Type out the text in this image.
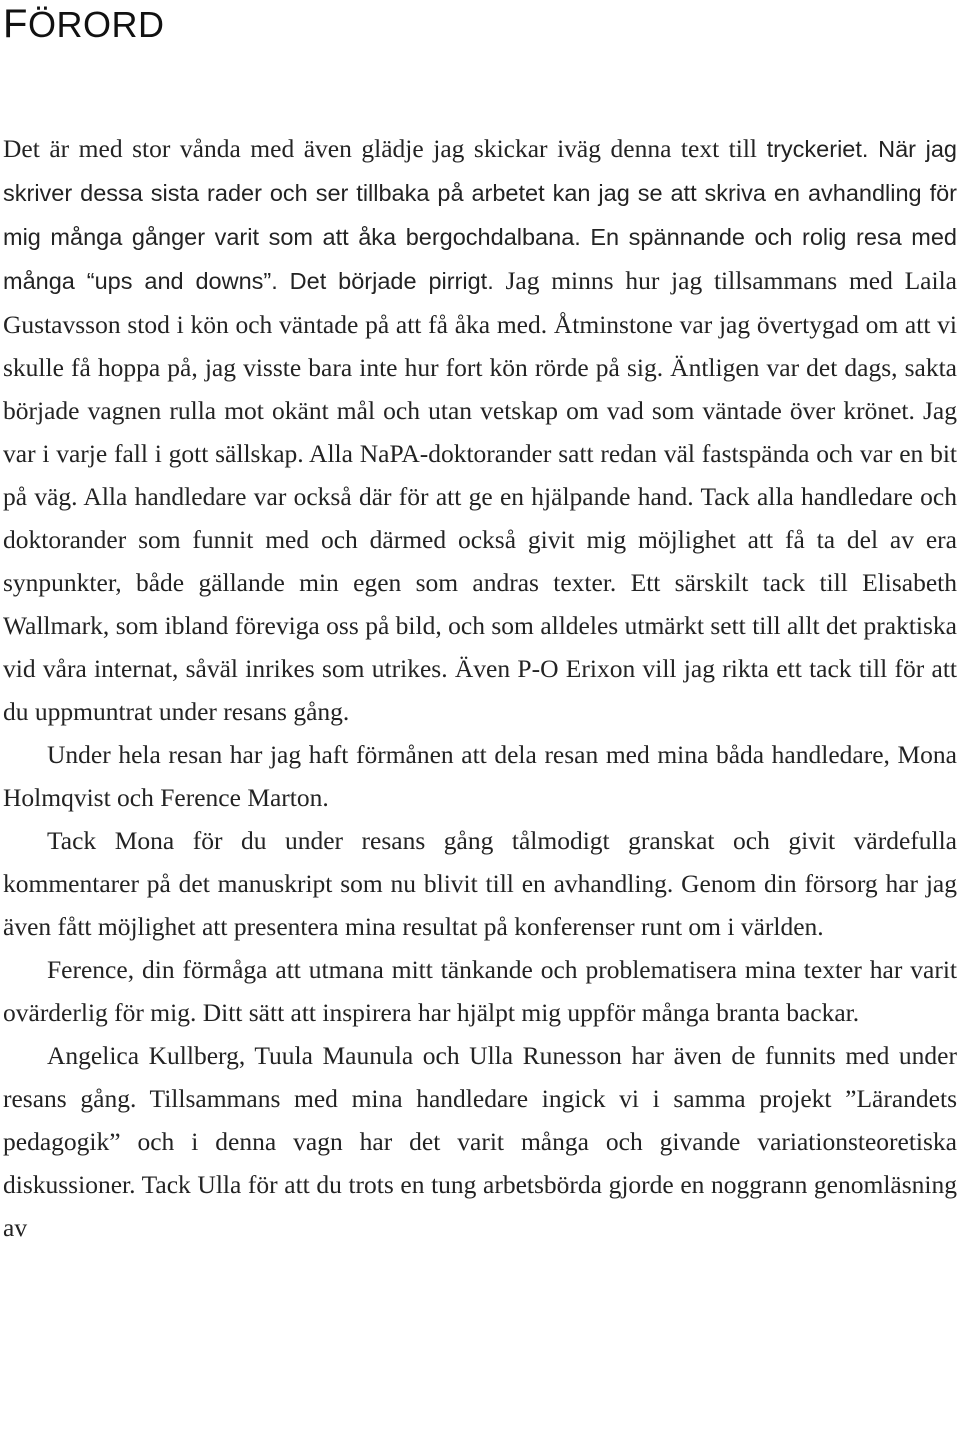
FÖRORD

Det är med stor vånda med även glädje jag skickar iväg denna text till tryckeriet. När jag skriver dessa sista rader och ser tillbaka på arbetet kan jag se att skriva en avhandling för mig många gånger varit som att åka bergochdalbana. En spännande och rolig resa med många “ups and downs”. Det började pirrigt. Jag minns hur jag tillsammans med Laila Gustavsson stod i kön och väntade på att få åka med. Åtminstone var jag övertygad om att vi skulle få hoppa på, jag visste bara inte hur fort kön rörde på sig. Äntligen var det dags, sakta började vagnen rulla mot okänt mål och utan vetskap om vad som väntade över krönet. Jag var i varje fall i gott sällskap. Alla NaPA-doktorander satt redan väl fastspända och var en bit på väg. Alla handledare var också där för att ge en hjälpande hand. Tack alla handledare och doktorander som funnit med och därmed också givit mig möjlighet att få ta del av era synpunkter, både gällande min egen som andras texter. Ett särskilt tack till Elisabeth Wallmark, som ibland föreviga oss på bild, och som alldeles utmärkt sett till allt det praktiska vid våra internat, såväl inrikes som utrikes. Även P-O Erixon vill jag rikta ett tack till för att du uppmuntrat under resans gång.

Under hela resan har jag haft förmånen att dela resan med mina båda handledare, Mona Holmqvist och Ference Marton.

Tack Mona för du under resans gång tålmodigt granskat och givit värdefulla kommentarer på det manuskript som nu blivit till en avhandling. Genom din försorg har jag även fått möjlighet att presentera mina resultat på konferenser runt om i världen.

Ference, din förmåga att utmana mitt tänkande och problematisera mina texter har varit ovärderlig för mig. Ditt sätt att inspirera har hjälpt mig uppför många branta backar.

Angelica Kullberg, Tuula Maunula och Ulla Runesson har även de funnits med under resans gång. Tillsammans med mina handledare ingick vi i samma projekt ”Lärandets pedagogik” och i denna vagn har det varit många och givande variationsteoretiska diskussioner. Tack Ulla för att du trots en tung arbetsbörda gjorde en noggrann genomläsning av
